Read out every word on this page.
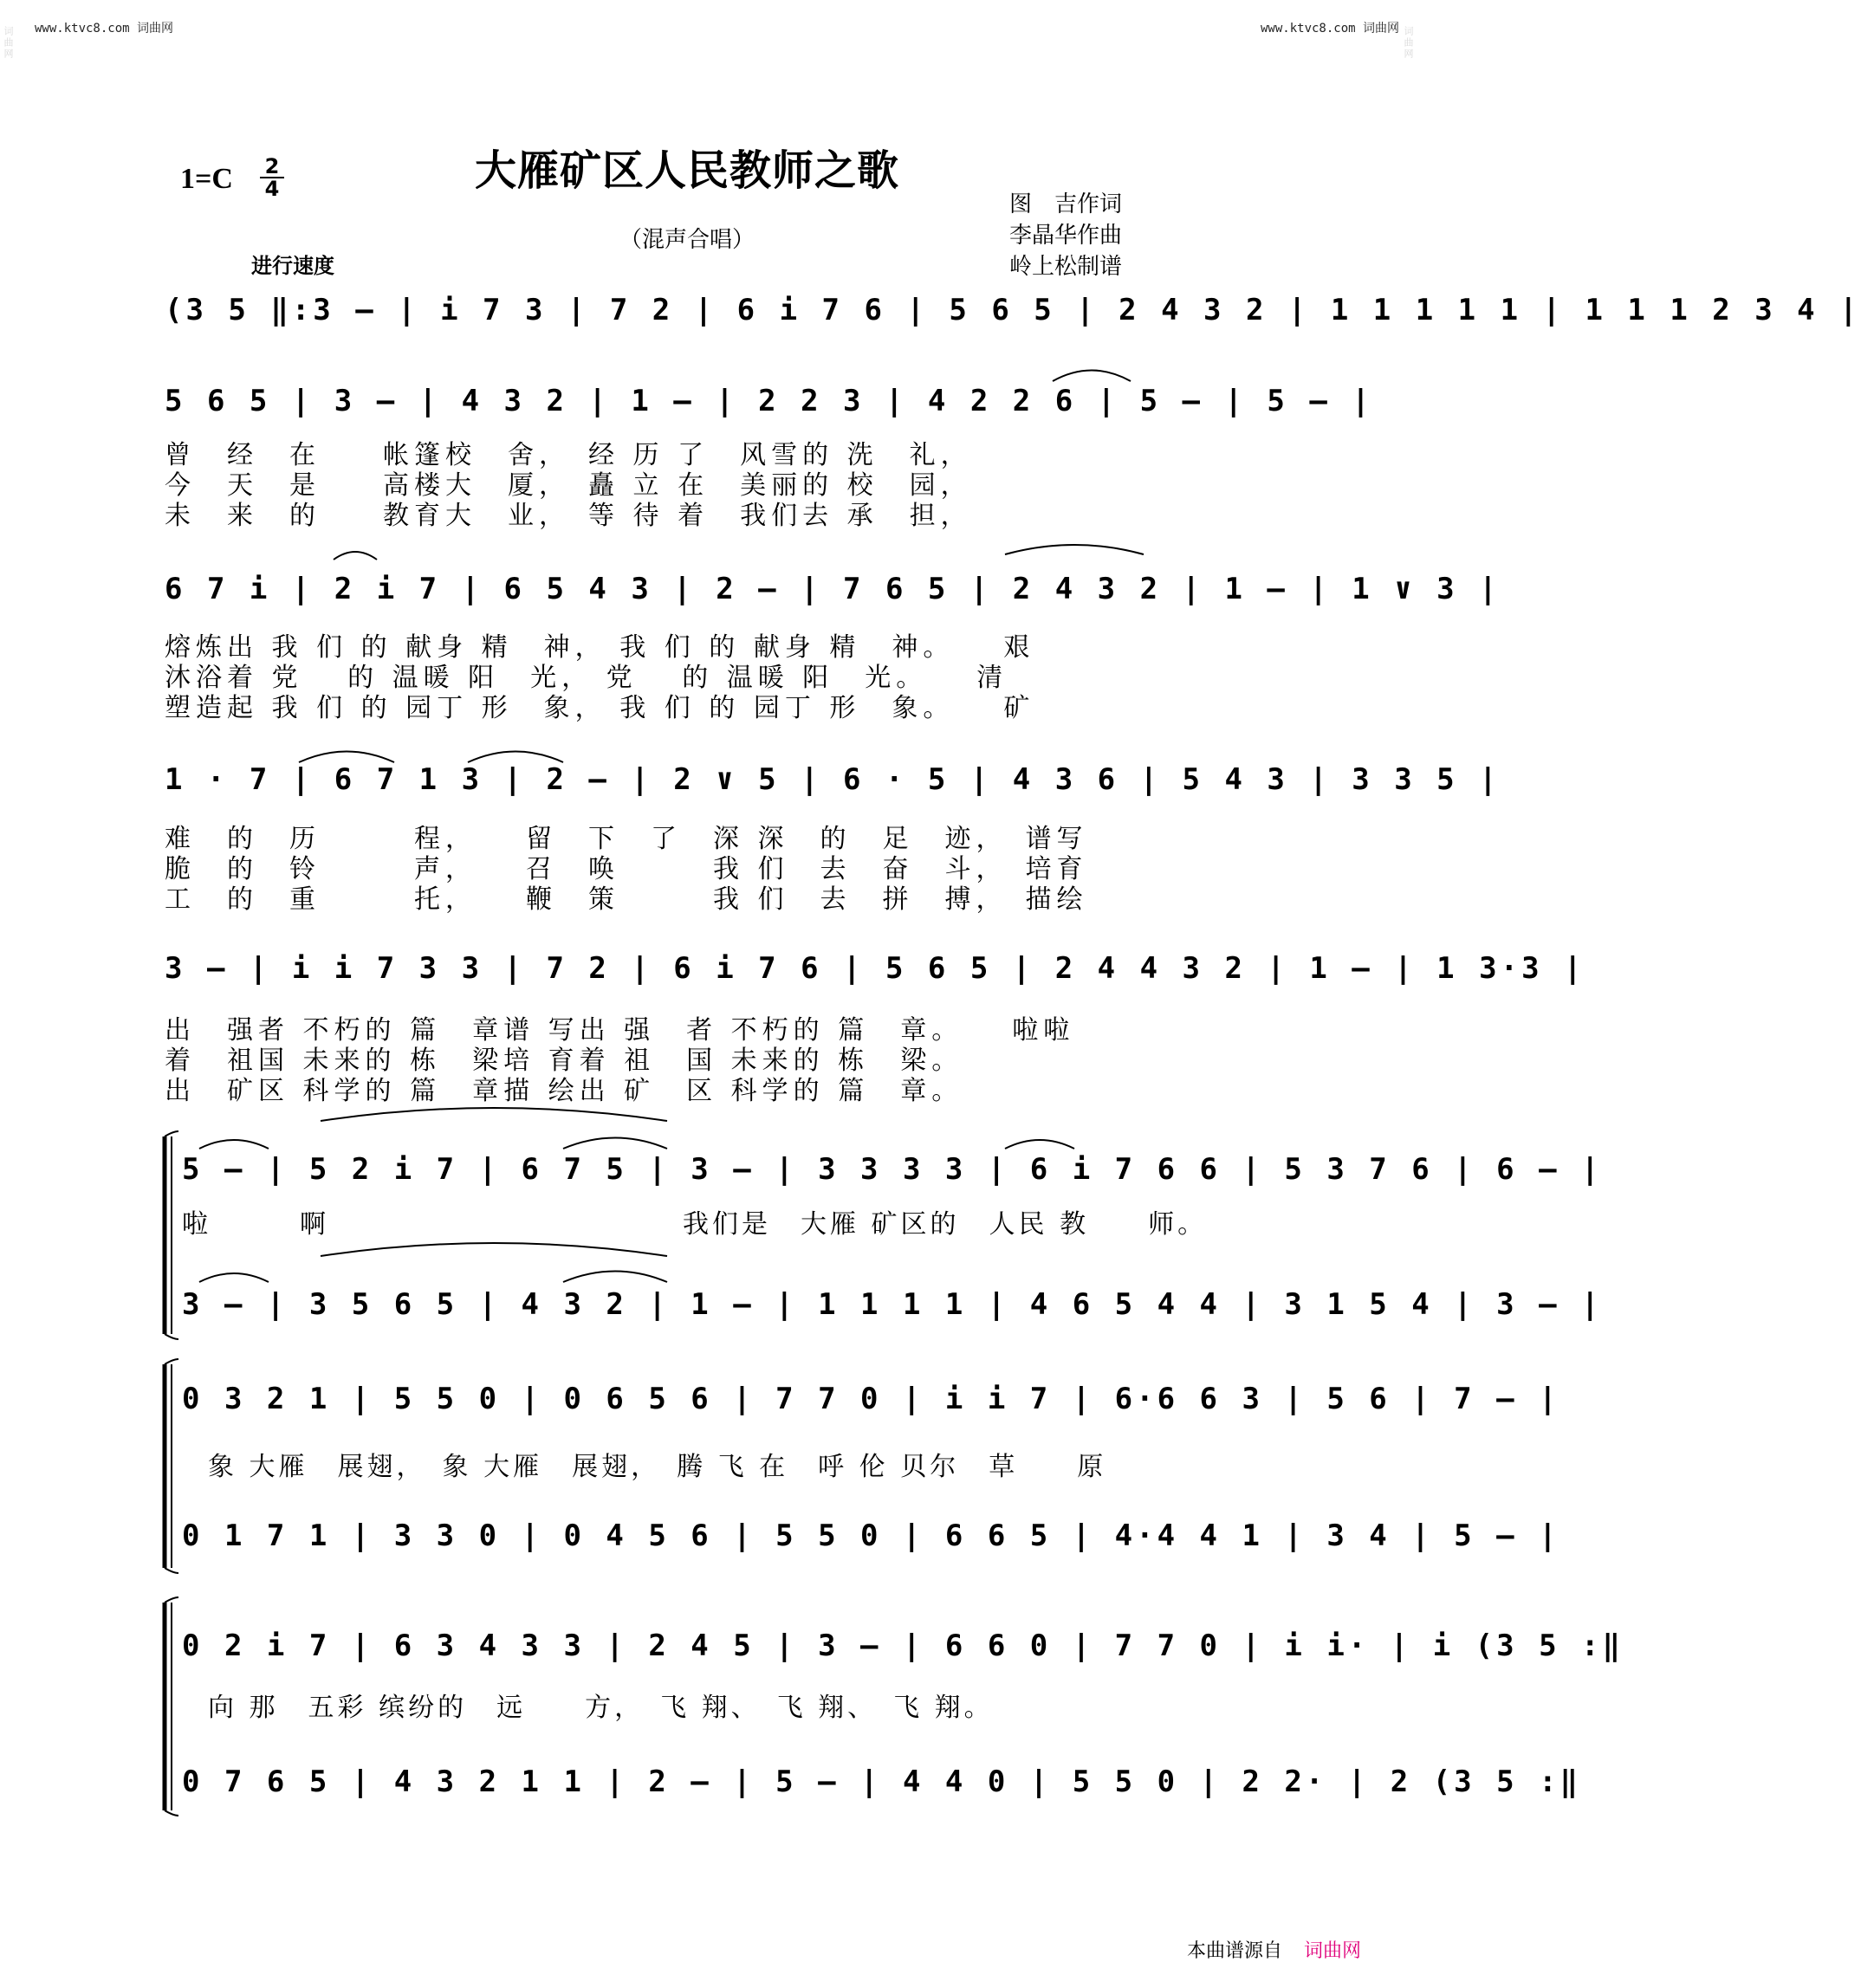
词曲网	词曲网
www.ktvc8.com 词曲网	www.ktvc8.com 词曲网
大雁矿区人民教师之歌
$1=C \frac{2}{4}$
（混声合唱）
进行速度
图　吉作词
李晶华作曲
岭上松制谱
(3 5 ‖:3 – | i 7 3 | 7 2 | 6 i 7 6 | 5 6 5 | 2 4 3 2 | 1 1 1 1 1 | 1 1 1 2 3 4 |
5 6 5 | 3 – | 4 3 2 | 1 – | 2 2 3 | 4 2 2 6 | 5 – | 5 – |
曾　经　在　　帐篷校　舍，　经 历 了　风雪的 洗　礼，
今　天　是　　高楼大　厦，　矗 立 在　美丽的 校　园，
未　来　的　　教育大　业，　等 待 着　我们去 承　担，
6 7 i | 2 i 7 | 6 5 4 3 | 2 – | 7 6 5 | 2 4 3 2 | 1 – | 1 ∨ 3 |
熔炼出 我 们 的 献身 精　神， 我 们 的 献身 精　神。　　艰
沐浴着 党　 的 温暖 阳　光， 党　 的 温暖 阳　光。　　清
塑造起 我 们 的 园丁 形　象， 我 们 的 园丁 形　象。　　矿
1 · 7 | 6 7 1 3 | 2 – | 2 ∨ 5 | 6 · 5 | 4 3 6 | 5 4 3 | 3 3 5 |
难　的　历　　　程，　　留　下　了　深 深　的　足　迹，　谱写
脆　的　铃　　　声，　　召　唤　　　我 们　去　奋　斗，　培育
工　的　重　　　托，　　鞭　策　　　我 们　去　拼　搏，　描绘
3 – | i i 7 3 3 | 7 2 | 6 i 7 6 | 5 6 5 | 2 4 4 3 2 | 1 – | 1 3·3 |
出　强者 不朽的 篇　章谱 写出 强　者 不朽的 篇　章。　　啦啦
着　祖国 未来的 栋　梁培 育着 祖　国 未来的 栋　梁。
出　矿区 科学的 篇　章描 绘出 矿　区 科学的 篇　章。
5 – | 5 2 i 7 | 6 7 5 | 3 – | 3 3 3 3 | 6 i 7 6 6 | 5 3 7 6 | 6 – |
啦　　　啊　　　　　　　　　　　　我们是　大雁 矿区的　人民 教　　师。
3 – | 3 5 6 5 | 4 3 2 | 1 – | 1 1 1 1 | 4 6 5 4 4 | 3 1 5 4 | 3 – |
0 3 2 1 | 5 5 0 | 0 6 5 6 | 7 7 0 | i i 7 | 6·6 6 3 | 5 6 | 7 – |
象 大雁　展翅，　象 大雁　展翅，　腾 飞 在　呼 伦 贝尔　草　　原
0 1 7 1 | 3 3 0 | 0 4 5 6 | 5 5 0 | 6 6 5 | 4·4 4 1 | 3 4 | 5 – |
0 2 i 7 | 6 3 4 3 3 | 2 4 5 | 3 – | 6 6 0 | 7 7 0 | i i· | i (3 5 :‖
向 那　五彩 缤纷的　远　　方，　飞 翔、　飞 翔、　飞 翔。
0 7 6 5 | 4 3 2 1 1 | 2 – | 5 – | 4 4 0 | 5 5 0 | 2 2· | 2 (3 5 :‖
本曲谱源自 词曲网
